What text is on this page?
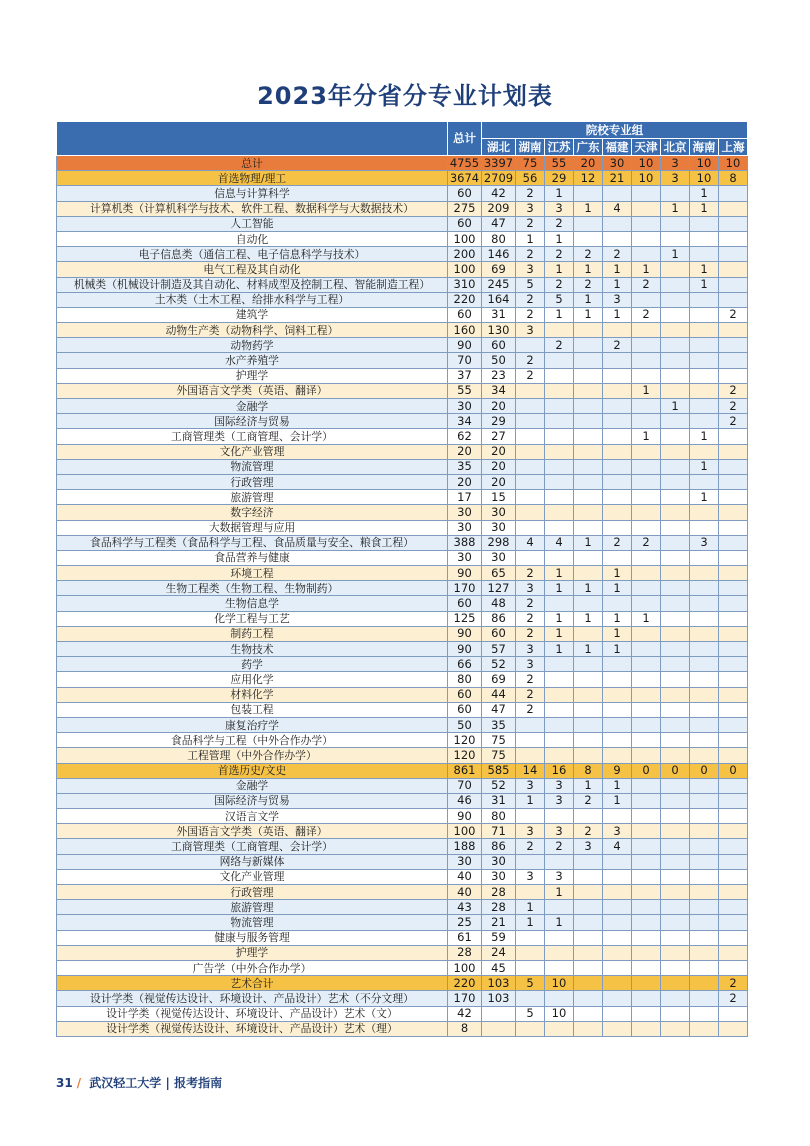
2023年分省分专业计划表
	总计	院校专业组								
		湖北	湖南	江苏	广东	福建	天津	北京	海南	上海
总计	4755	3397	75	55	20	30	10	3	10	10
首选物理/理工	3674	2709	56	29	12	21	10	3	10	8
信息与计算科学	60	42	2	1					1	
计算机类（计算机科学与技术、软件工程、数据科学与大数据技术）	275	209	3	3	1	4		1	1	
人工智能	60	47	2	2						
自动化	100	80	1	1						
电子信息类（通信工程、电子信息科学与技术）	200	146	2	2	2	2		1		
电气工程及其自动化	100	69	3	1	1	1	1		1	
机械类（机械设计制造及其自动化、材料成型及控制工程、智能制造工程）	310	245	5	2	2	1	2		1	
土木类（土木工程、给排水科学与工程）	220	164	2	5	1	3				
建筑学	60	31	2	1	1	1	2			2
动物生产类（动物科学、饲料工程）	160	130	3							
动物药学	90	60		2		2				
水产养殖学	70	50	2							
护理学	37	23	2							
外国语言文学类（英语、翻译）	55	34					1			2
金融学	30	20						1		2
国际经济与贸易	34	29								2
工商管理类（工商管理、会计学）	62	27					1		1	
文化产业管理	20	20								
物流管理	35	20							1	
行政管理	20	20								
旅游管理	17	15							1	
数字经济	30	30								
大数据管理与应用	30	30								
食品科学与工程类（食品科学与工程、食品质量与安全、粮食工程）	388	298	4	4	1	2	2		3	
食品营养与健康	30	30								
环境工程	90	65	2	1		1				
生物工程类（生物工程、生物制药）	170	127	3	1	1	1				
生物信息学	60	48	2							
化学工程与工艺	125	86	2	1	1	1	1			
制药工程	90	60	2	1		1				
生物技术	90	57	3	1	1	1				
药学	66	52	3							
应用化学	80	69	2							
材料化学	60	44	2							
包装工程	60	47	2							
康复治疗学	50	35								
食品科学与工程（中外合作办学）	120	75								
工程管理（中外合作办学）	120	75								
首选历史/文史	861	585	14	16	8	9	0	0	0	0
金融学	70	52	3	3	1	1				
国际经济与贸易	46	31	1	3	2	1				
汉语言文学	90	80								
外国语言文学类（英语、翻译）	100	71	3	3	2	3				
工商管理类（工商管理、会计学）	188	86	2	2	3	4				
网络与新媒体	30	30								
文化产业管理	40	30	3	3						
行政管理	40	28		1						
旅游管理	43	28	1							
物流管理	25	21	1	1						
健康与服务管理	61	59								
护理学	28	24								
广告学（中外合作办学）	100	45								
艺术合计	220	103	5	10						2
设计学类（视觉传达设计、环境设计、产品设计）艺术（不分文理）	170	103								2
设计学类（视觉传达设计、环境设计、产品设计）艺术（文）	42		5	10						
设计学类（视觉传达设计、环境设计、产品设计）艺术（理）	8									
31 / 武汉轻工大学 | 报考指南
